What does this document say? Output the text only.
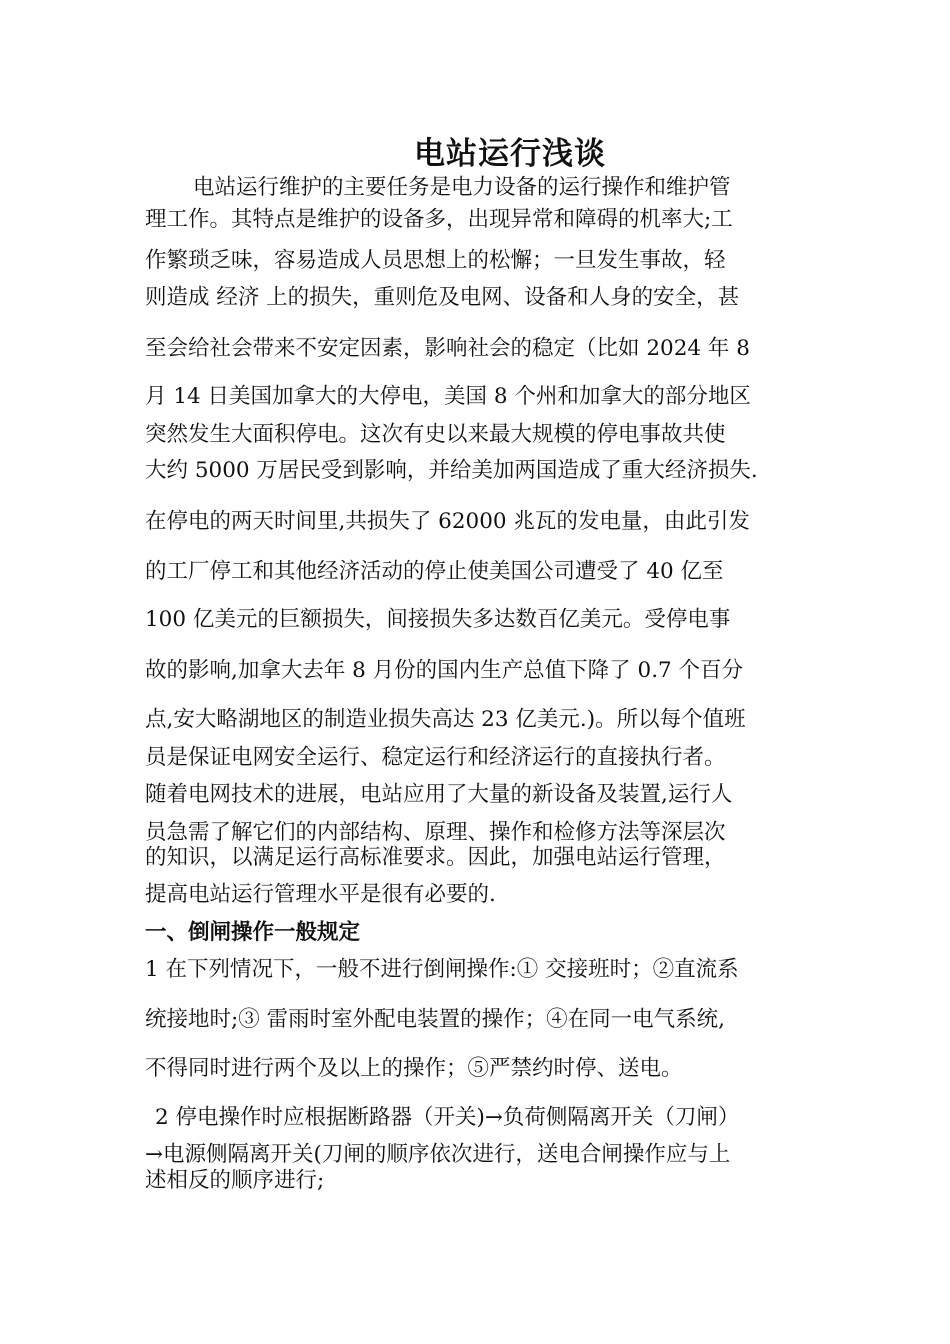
电站运行浅谈
电站运行维护的主要任务是电力设备的运行操作和维护管
理工作。其特点是维护的设备多，出现异常和障碍的机率大;工
作繁琐乏味，容易造成人员思想上的松懈；一旦发生事故，轻
则造成 经济 上的损失，重则危及电网、设备和人身的安全，甚
至会给社会带来不安定因素，影响社会的稳定（比如 2024 年 8
月 14 日美国加拿大的大停电，美国 8 个州和加拿大的部分地区
突然发生大面积停电。这次有史以来最大规模的停电事故共使
大约 5000 万居民受到影响，并给美加两国造成了重大经济损失.
在停电的两天时间里,共损失了 62000 兆瓦的发电量，由此引发
的工厂停工和其他经济活动的停止使美国公司遭受了 40 亿至
100 亿美元的巨额损失，间接损失多达数百亿美元。受停电事
故的影响,加拿大去年 8 月份的国内生产总值下降了 0.7 个百分
点,安大略湖地区的制造业损失高达 23 亿美元.)。所以每个值班
员是保证电网安全运行、稳定运行和经济运行的直接执行者。
随着电网技术的进展，电站应用了大量的新设备及装置,运行人
员急需了解它们的内部结构、原理、操作和检修方法等深层次
的知识，以满足运行高标准要求。因此，加强电站运行管理，
提高电站运行管理水平是很有必要的.
一、倒闸操作一般规定
1 在下列情况下，一般不进行倒闸操作:① 交接班时；②直流系
统接地时;③ 雷雨时室外配电装置的操作；④在同一电气系统,
不得同时进行两个及以上的操作；⑤严禁约时停、送电。
2 停电操作时应根据断路器（开关)→负荷侧隔离开关（刀闸）
→电源侧隔离开关(刀闸的顺序依次进行，送电合闸操作应与上
述相反的顺序进行;
